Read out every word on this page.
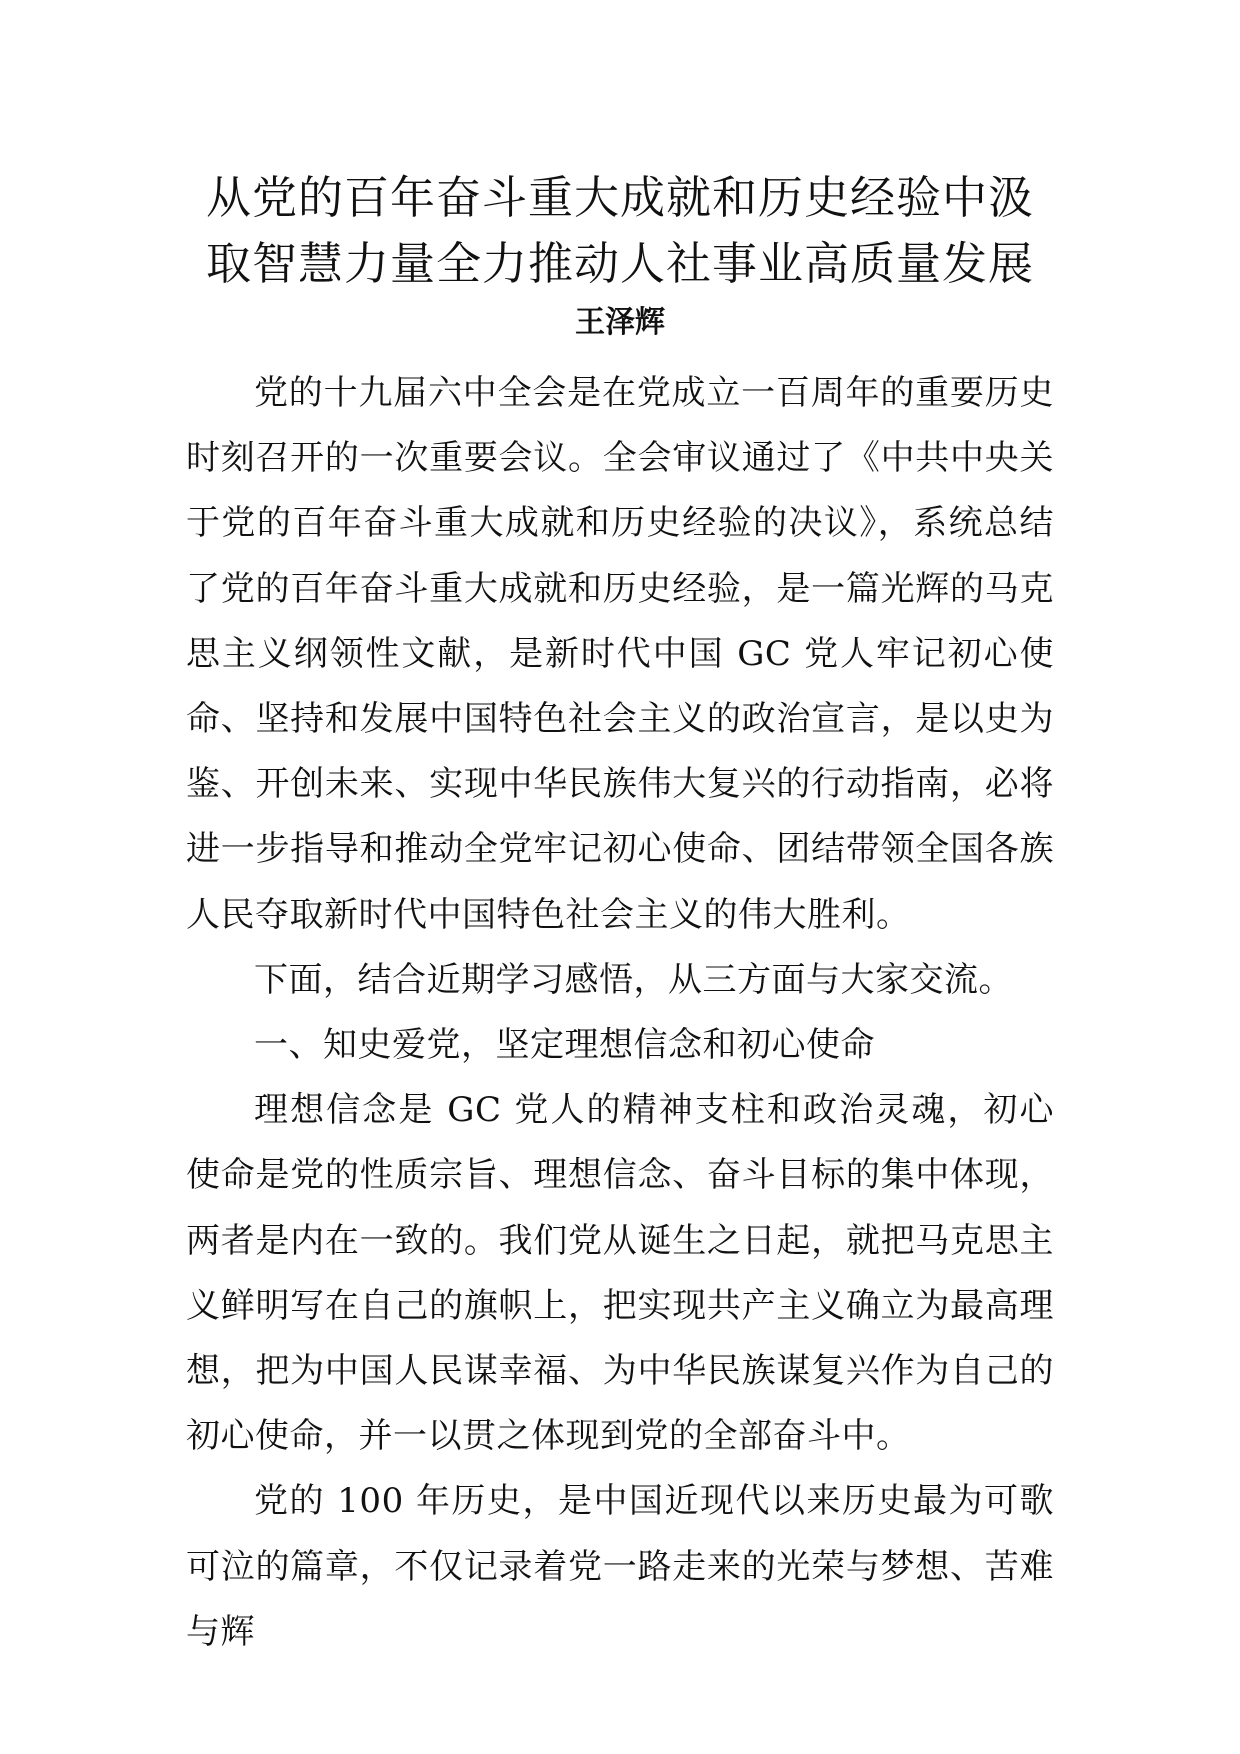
从党的百年奋斗重大成就和历史经验中汲
取智慧力量全力推动人社事业高质量发展
王泽辉

党的十九届六中全会是在党成立一百周年的重要历史时刻召开的一次重要会议。全会审议通过了《中共中央关于党的百年奋斗重大成就和历史经验的决议》，系统总结了党的百年奋斗重大成就和历史经验，是一篇光辉的马克思主义纲领性文献，是新时代中国 GC 党人牢记初心使命、坚持和发展中国特色社会主义的政治宣言，是以史为鉴、开创未来、实现中华民族伟大复兴的行动指南，必将进一步指导和推动全党牢记初心使命、团结带领全国各族人民夺取新时代中国特色社会主义的伟大胜利。

下面，结合近期学习感悟，从三方面与大家交流。

一、知史爱党，坚定理想信念和初心使命

理想信念是 GC 党人的精神支柱和政治灵魂，初心使命是党的性质宗旨、理想信念、奋斗目标的集中体现，两者是内在一致的。我们党从诞生之日起，就把马克思主义鲜明写在自己的旗帜上，把实现共产主义确立为最高理想，把为中国人民谋幸福、为中华民族谋复兴作为自己的初心使命，并一以贯之体现到党的全部奋斗中。

党的 100 年历史，是中国近现代以来历史最为可歌可泣的篇章，不仅记录着党一路走来的光荣与梦想、苦难与辉
